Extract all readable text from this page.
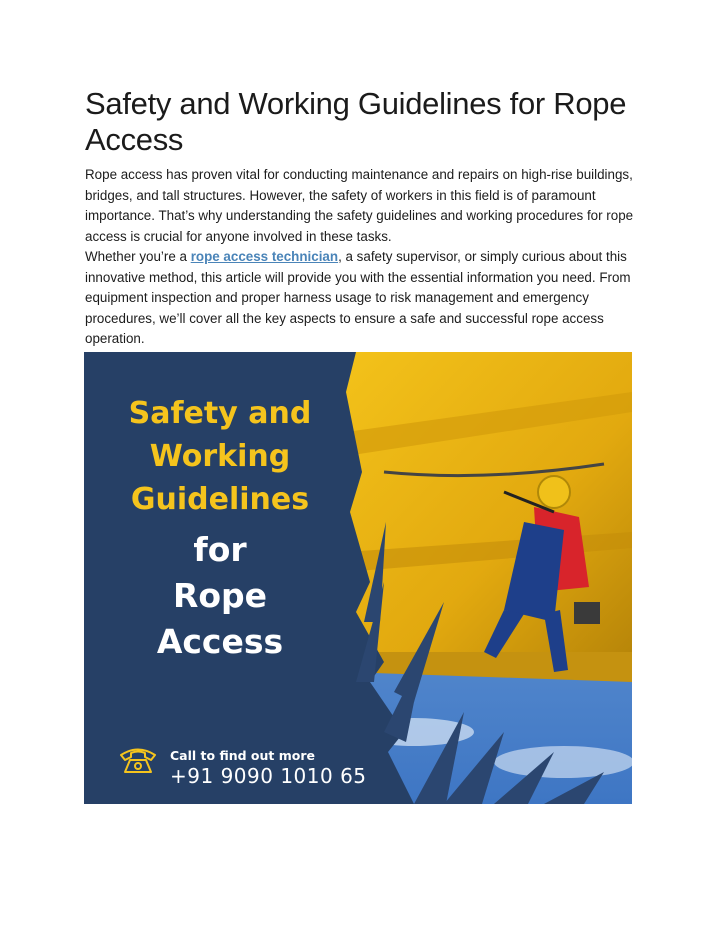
Safety and Working Guidelines for Rope Access

Rope access has proven vital for conducting maintenance and repairs on high-rise buildings, bridges, and tall structures. However, the safety of workers in this field is of paramount importance. That’s why understanding the safety guidelines and working procedures for rope access is crucial for anyone involved in these tasks.

Whether you’re a rope access technician, a safety supervisor, or simply curious about this innovative method, this article will provide you with the essential information you need. From equipment inspection and proper harness usage to risk management and emergency procedures, we’ll cover all the key aspects to ensure a safe and successful rope access operation.

Safety and
Working
Guidelines
for
Rope
Access
Call to find out more
+91 9090 1010 65
